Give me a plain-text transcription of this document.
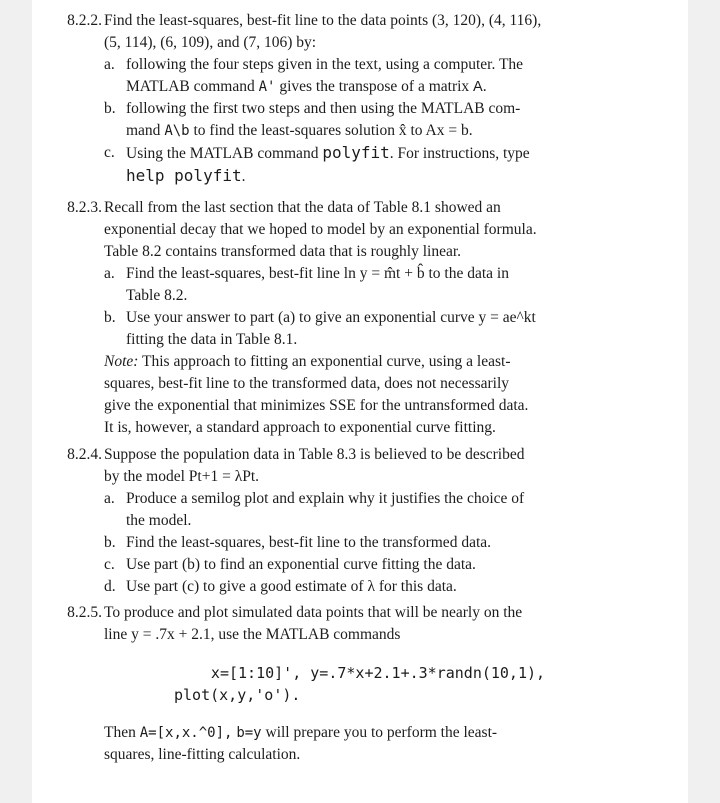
8.2.2. Find the least-squares, best-fit line to the data points (3, 120), (4, 116),
(5, 114), (6, 109), and (7, 106) by:
a. following the four steps given in the text, using a computer. The
MATLAB command A' gives the transpose of a matrix A.
b. following the first two steps and then using the MATLAB com-
mand A\b to find the least-squares solution x̂ to Ax = b.
c. Using the MATLAB command polyfit. For instructions, type
help polyfit.
8.2.3. Recall from the last section that the data of Table 8.1 showed an
exponential decay that we hoped to model by an exponential formula.
Table 8.2 contains transformed data that is roughly linear.
a. Find the least-squares, best-fit line ln y = m̂t + b̂ to the data in
Table 8.2.
b. Use your answer to part (a) to give an exponential curve y = ae^kt
fitting the data in Table 8.1.
Note: This approach to fitting an exponential curve, using a least-
squares, best-fit line to the transformed data, does not necessarily
give the exponential that minimizes SSE for the untransformed data.
It is, however, a standard approach to exponential curve fitting.
8.2.4. Suppose the population data in Table 8.3 is believed to be described
by the model Pt+1 = λPt.
a. Produce a semilog plot and explain why it justifies the choice of
the model.
b. Find the least-squares, best-fit line to the transformed data.
c. Use part (b) to find an exponential curve fitting the data.
d. Use part (c) to give a good estimate of λ for this data.
8.2.5. To produce and plot simulated data points that will be nearly on the
line y = .7x + 2.1, use the MATLAB commands
x=[1:10]', y=.7*x+2.1+.3*randn(10,1),
plot(x,y,'o').
Then A=[x,x.^0], b=y will prepare you to perform the least-
squares, line-fitting calculation.
